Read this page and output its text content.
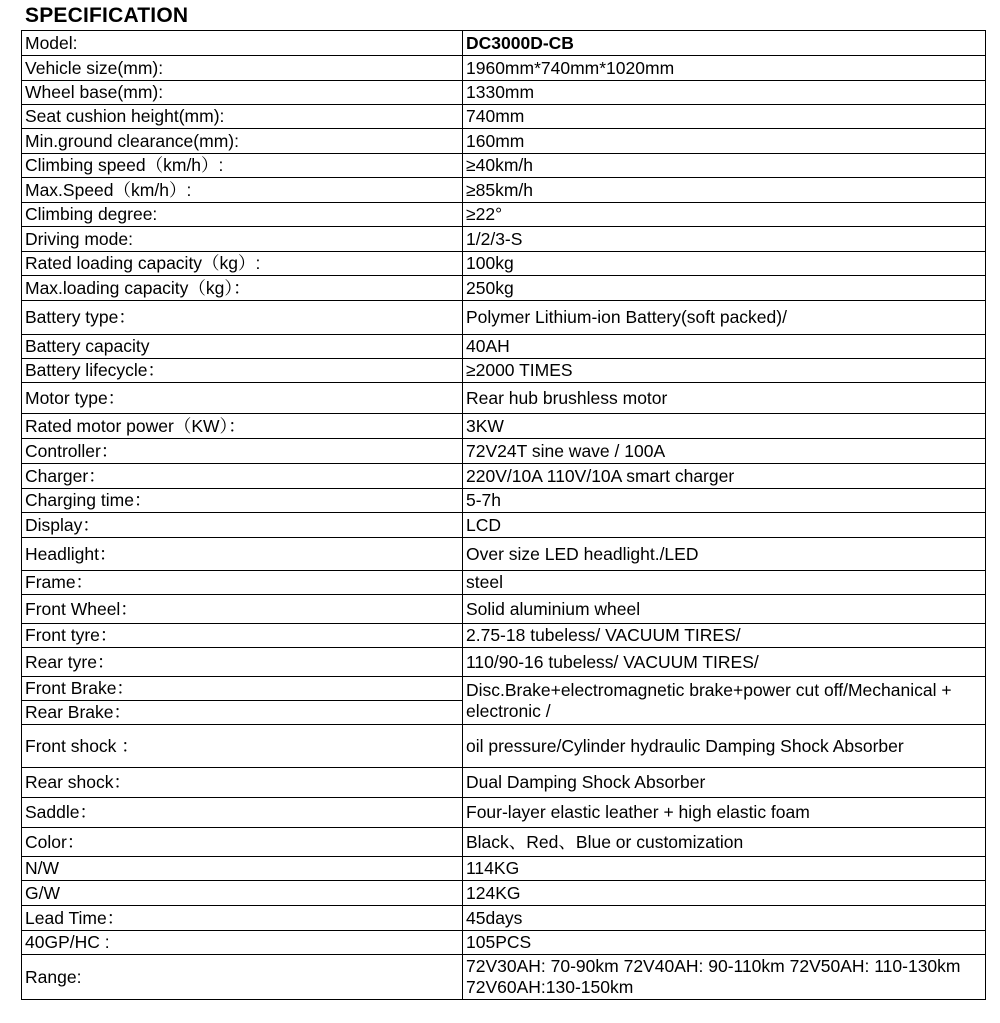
SPECIFICATION
Model:	DC3000D-CB
Vehicle size(mm):	1960mm*740mm*1020mm
Wheel base(mm):	1330mm
Seat cushion height(mm):	740mm
Min.ground clearance(mm):	160mm
Climbing speed（km/h）:	≥40km/h
Max.Speed（km/h）:	≥85km/h
Climbing degree:	≥22°
Driving mode:	1/2/3-S
Rated loading capacity（kg）:	100kg
Max.loading capacity（kg）：	250kg
Battery type：	Polymer Lithium-ion Battery(soft packed)/
Battery capacity	40AH
Battery lifecycle：	≥2000 TIMES
Motor type：	Rear hub brushless motor
Rated motor power（KW）：	3KW
Controller：	72V24T sine wave / 100A
Charger：	220V/10A 110V/10A smart charger
Charging time：	5-7h
Display：	LCD
Headlight：	Over size LED headlight./LED
Frame：	steel
Front Wheel：	Solid aluminium wheel
Front tyre：	2.75-18 tubeless/ VACUUM TIRES/
Rear tyre：	110/90-16 tubeless/ VACUUM TIRES/
Front Brake：	Disc.Brake+electromagnetic brake+power cut off/Mechanical + electronic /
Rear Brake：	
Front shock ：	oil pressure/Cylinder hydraulic Damping Shock Absorber
Rear shock：	Dual Damping Shock Absorber
Saddle：	Four-layer elastic leather + high elastic foam
Color：	Black、Red、Blue or customization
N/W	114KG
G/W	124KG
Lead Time：	45days
40GP/HC :	105PCS
Range:	72V30AH: 70-90km 72V40AH: 90-110km 72V50AH: 110-130km 72V60AH:130-150km
